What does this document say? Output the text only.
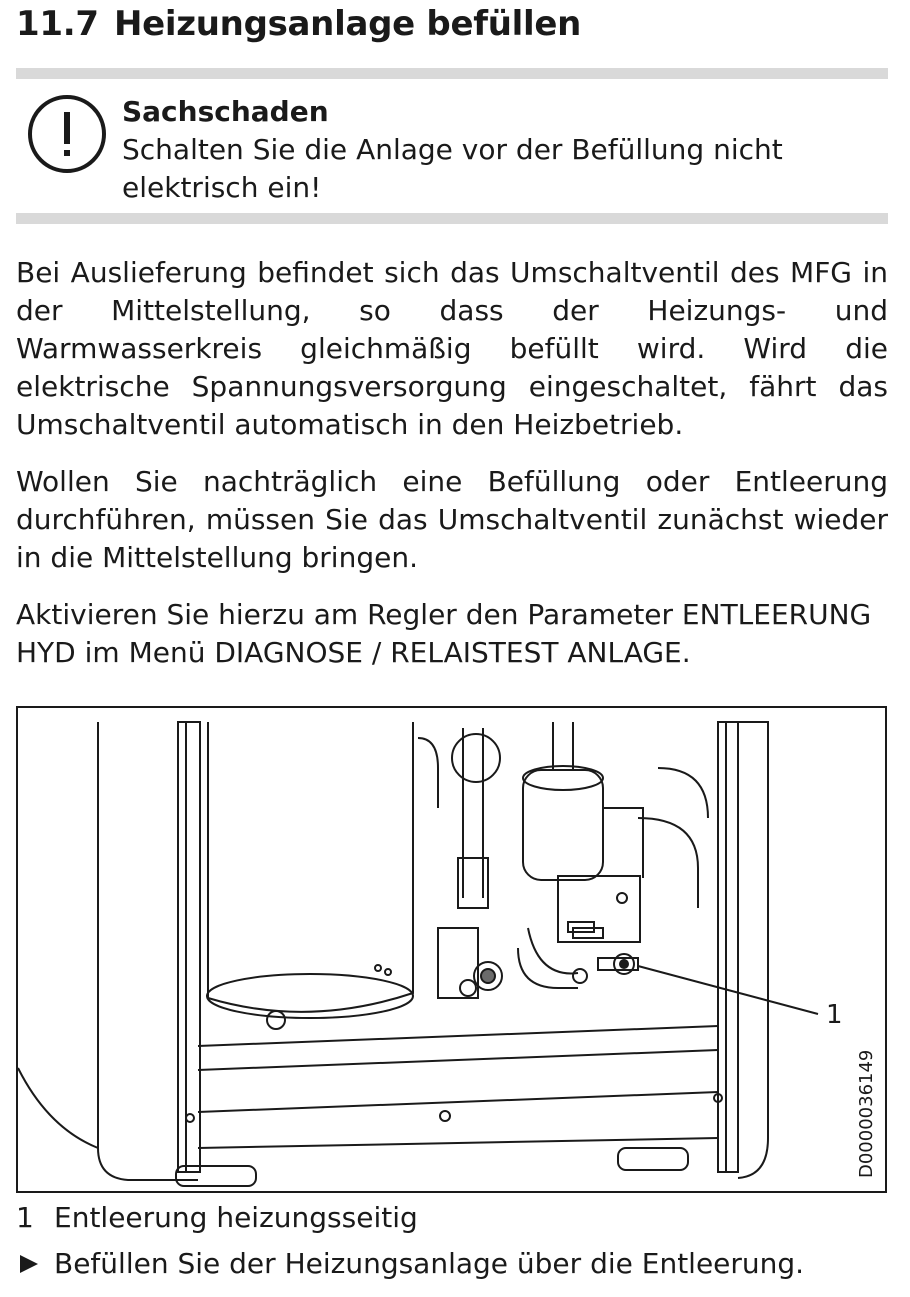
11.7 Heizungsanlage befüllen
Sachschaden
Schalten Sie die Anlage vor der Befüllung nicht elektrisch ein!

Bei Auslieferung befindet sich das Umschaltventil des MFG in der Mittelstellung, so dass der Heizungs- und Warmwasserkreis gleichmäßig befüllt wird. Wird die elektrische Spannungsversorgung eingeschaltet, fährt das Umschaltventil automatisch in den Heizbetrieb.

Wollen Sie nachträglich eine Befüllung oder Entleerung durchführen, müssen Sie das Umschaltventil zunächst wieder in die Mittelstellung bringen.

Aktivieren Sie hierzu am Regler den Parameter ENTLEERUNG HYD im Menü DIAGNOSE / RELAISTEST ANLAGE.

1
D0000036149
1 Entleerung heizungsseitig
Befüllen Sie der Heizungsanlage über die Entleerung.
